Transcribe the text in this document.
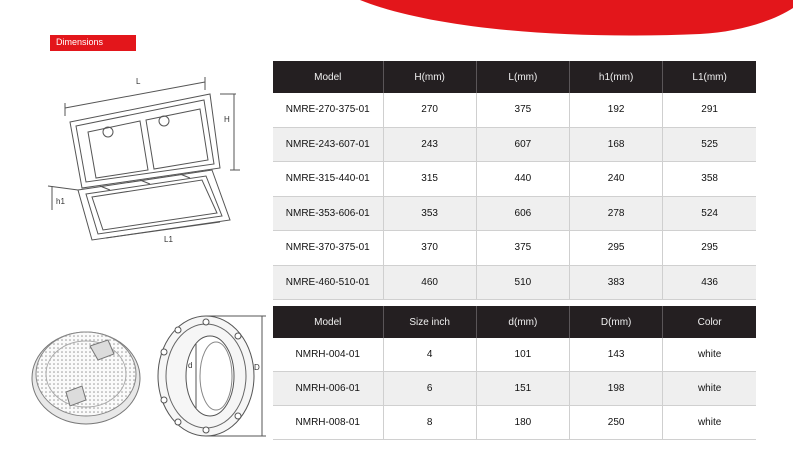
Dimensions
L
H
h1
L1
d	D
Model	H(mm)	L(mm)	h1(mm)	L1(mm)
NMRE-270-375-01	270	375	192	291
NMRE-243-607-01	243	607	168	525
NMRE-315-440-01	315	440	240	358
NMRE-353-606-01	353	606	278	524
NMRE-370-375-01	370	375	295	295
NMRE-460-510-01	460	510	383	436
Model	Size inch	d(mm)	D(mm)	Color
NMRH-004-01	4	101	143	white
NMRH-006-01	6	151	198	white
NMRH-008-01	8	180	250	white
